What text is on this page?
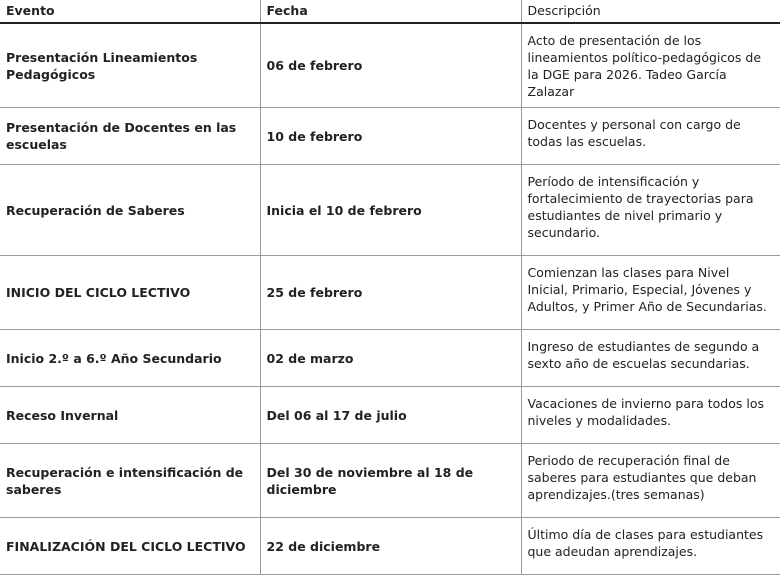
Evento	Fecha	Descripción
Presentación Lineamientos Pedagógicos	06 de febrero	Acto de presentación de los lineamientos político-pedagógicos de la DGE para 2026. Tadeo García Zalazar
Presentación de Docentes en las escuelas	10 de febrero	Docentes y personal con cargo de todas las escuelas.
Recuperación de Saberes	Inicia el 10 de febrero	Período de intensificación y fortalecimiento de trayectorias para estudiantes de nivel primario y secundario.
INICIO DEL CICLO LECTIVO	25 de febrero	Comienzan las clases para Nivel Inicial, Primario, Especial, Jóvenes y Adultos, y Primer Año de Secundarias.
Inicio 2.º a 6.º Año Secundario	02 de marzo	Ingreso de estudiantes de segundo a sexto año de escuelas secundarias.
Receso Invernal	Del 06 al 17 de julio	Vacaciones de invierno para todos los niveles y modalidades.
Recuperación e intensificación de saberes	Del 30 de noviembre al 18 de diciembre	Periodo de recuperación final de saberes para estudiantes que deban aprendizajes.(tres semanas)
FINALIZACIÓN DEL CICLO LECTIVO	22 de diciembre	Último día de clases para estudiantes que adeudan aprendizajes.
